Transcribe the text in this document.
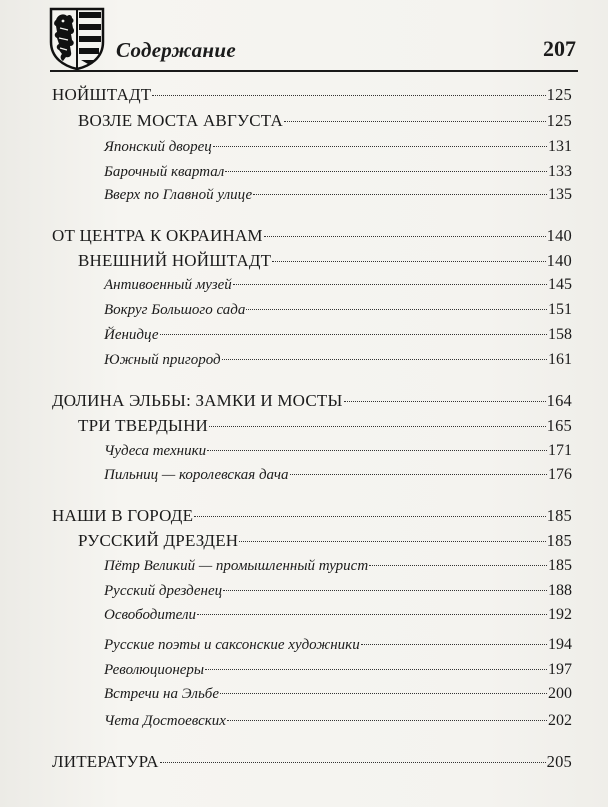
Содержание	207
НОЙШТАДТ	125
ВОЗЛЕ МОСТА АВГУСТА	125
Японский дворец	131
Барочный квартал	133
Вверх по Главной улице	135
ОТ ЦЕНТРА К ОКРАИНАМ	140
ВНЕШНИЙ НОЙШТАДТ	140
Антивоенный музей	145
Вокруг Большого сада	151
Йенидце	158
Южный пригород	161
ДОЛИНА ЭЛЬБЫ: ЗАМКИ И МОСТЫ	164
ТРИ ТВЕРДЫНИ	165
Чудеса техники	171
Пильниц — королевская дача	176
НАШИ В ГОРОДЕ	185
РУССКИЙ ДРЕЗДЕН	185
Пётр Великий — промышленный турист	185
Русский дрезденец	188
Освободители	192
Русские поэты и саксонские художники	194
Революционеры	197
Встречи на Эльбе	200
Чета Достоевских	202
ЛИТЕРАТУРА	205
